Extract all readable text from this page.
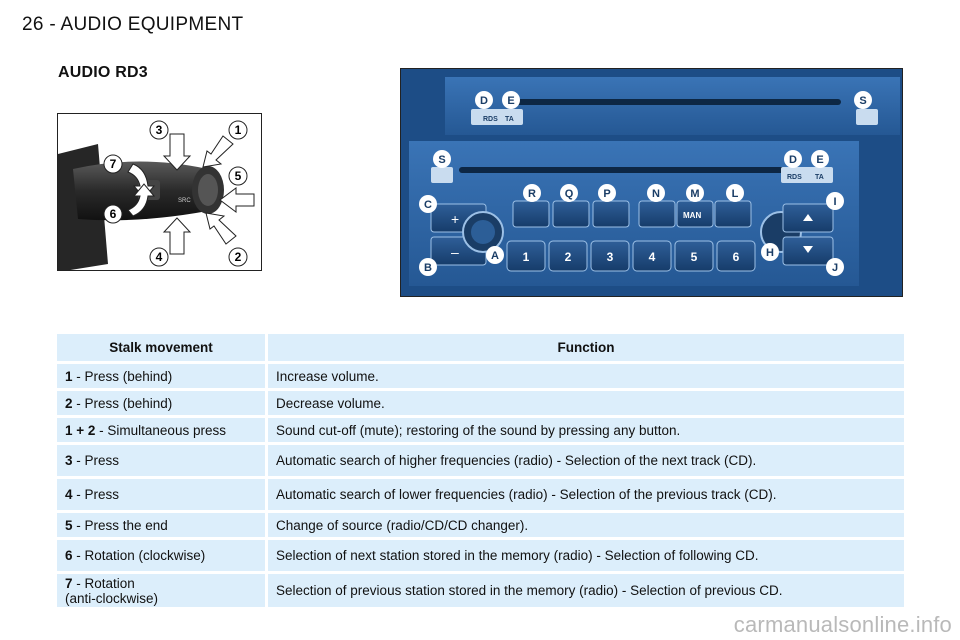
26 - AUDIO EQUIPMENT
AUDIO RD3
SRC
3	1
7
5
6
4	2
RDS TA
RDS TA
+
–
MAN
1	2	3	4	5	6
D E	S
S	D E
R	Q	P	N	M	L
C
B
A	H
I
J
Stalk movement	Function
1 - Press (behind)	Increase volume.
2 - Press (behind)	Decrease volume.
1 + 2 - Simultaneous press	Sound cut-off (mute); restoring of the sound by pressing any button.
3 - Press	Automatic search of higher frequencies (radio) - Selection of the next track (CD).
4 - Press	Automatic search of lower frequencies (radio) - Selection of the previous track (CD).
5 - Press the end	Change of source (radio/CD/CD changer).
6 - Rotation (clockwise)	Selection of next station stored in the memory (radio) - Selection of following CD.
7 - Rotation
(anti-clockwise)	Selection of previous station stored in the memory (radio) - Selection of previous CD.
carmanualsonline.info
